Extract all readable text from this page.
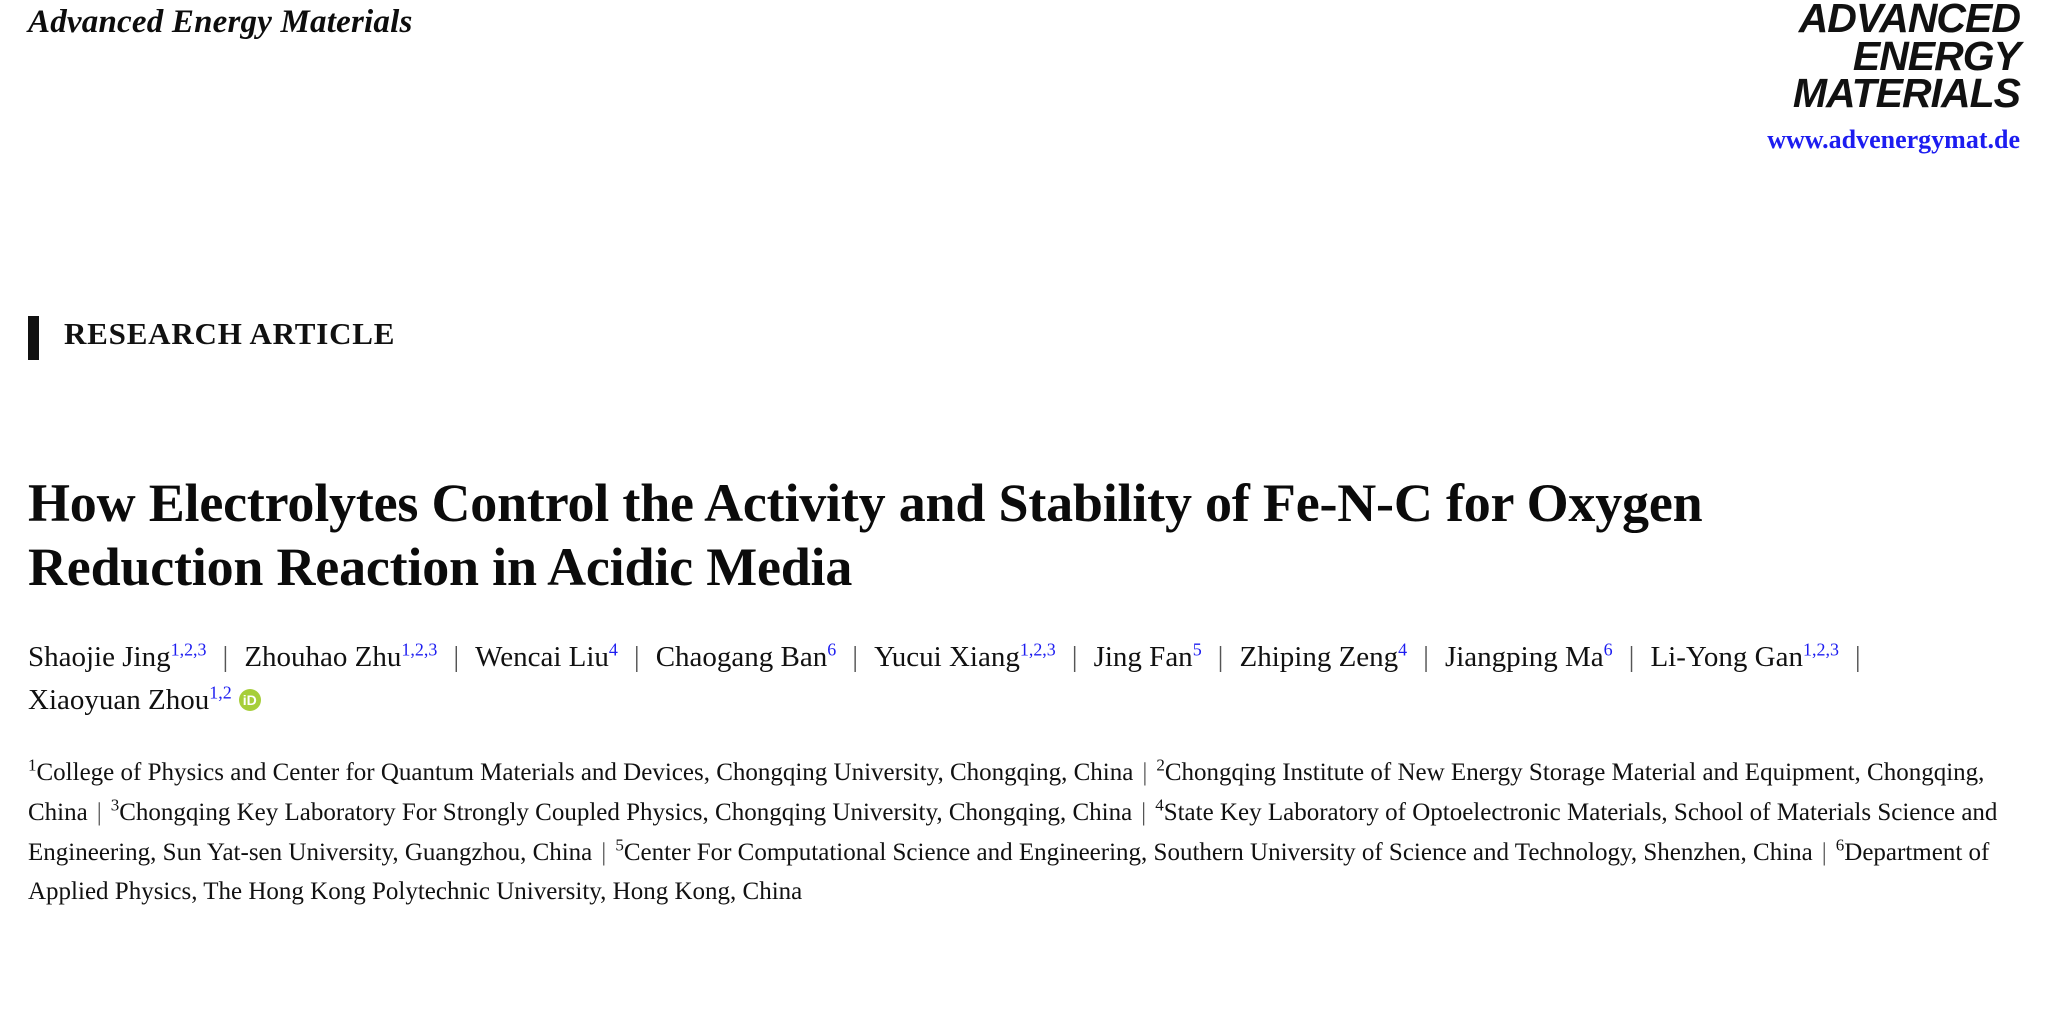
Advanced Energy Materials	ADVANCED
ENERGY
MATERIALS
www.advenergymat.de
RESEARCH ARTICLE
How Electrolytes Control the Activity and Stability of Fe-N-C for Oxygen Reduction Reaction in Acidic Media
Shaojie Jing$^{1,2,3}$ | Zhouhao Zhu$^{1,2,3}$ | Wencai Liu$^4$ | Chaogang Ban$^6$ | Yucui Xiang$^{1,2,3}$ | Jing Fan$^5$ | Zhiping Zeng$^4$ | Jiangping Ma$^6$ | Li-Yong Gan$^{1,2,3}$ |Xiaoyuan Zhou$^{1,2}$iD
$^1$College of Physics and Center for Quantum Materials and Devices, Chongqing University, Chongqing, China | $^2$Chongqing Institute of New Energy Storage Material and Equipment, Chongqing, China | $^3$Chongqing Key Laboratory For Strongly Coupled Physics, Chongqing University, Chongqing, China | $^4$State Key Laboratory of Optoelectronic Materials, School of Materials Science and Engineering, Sun Yat-sen University, Guangzhou, China | $^5$Center For Computational Science and Engineering, Southern University of Science and Technology, Shenzhen, China | $^6$Department of Applied Physics, The Hong Kong Polytechnic University, Hong Kong, China
